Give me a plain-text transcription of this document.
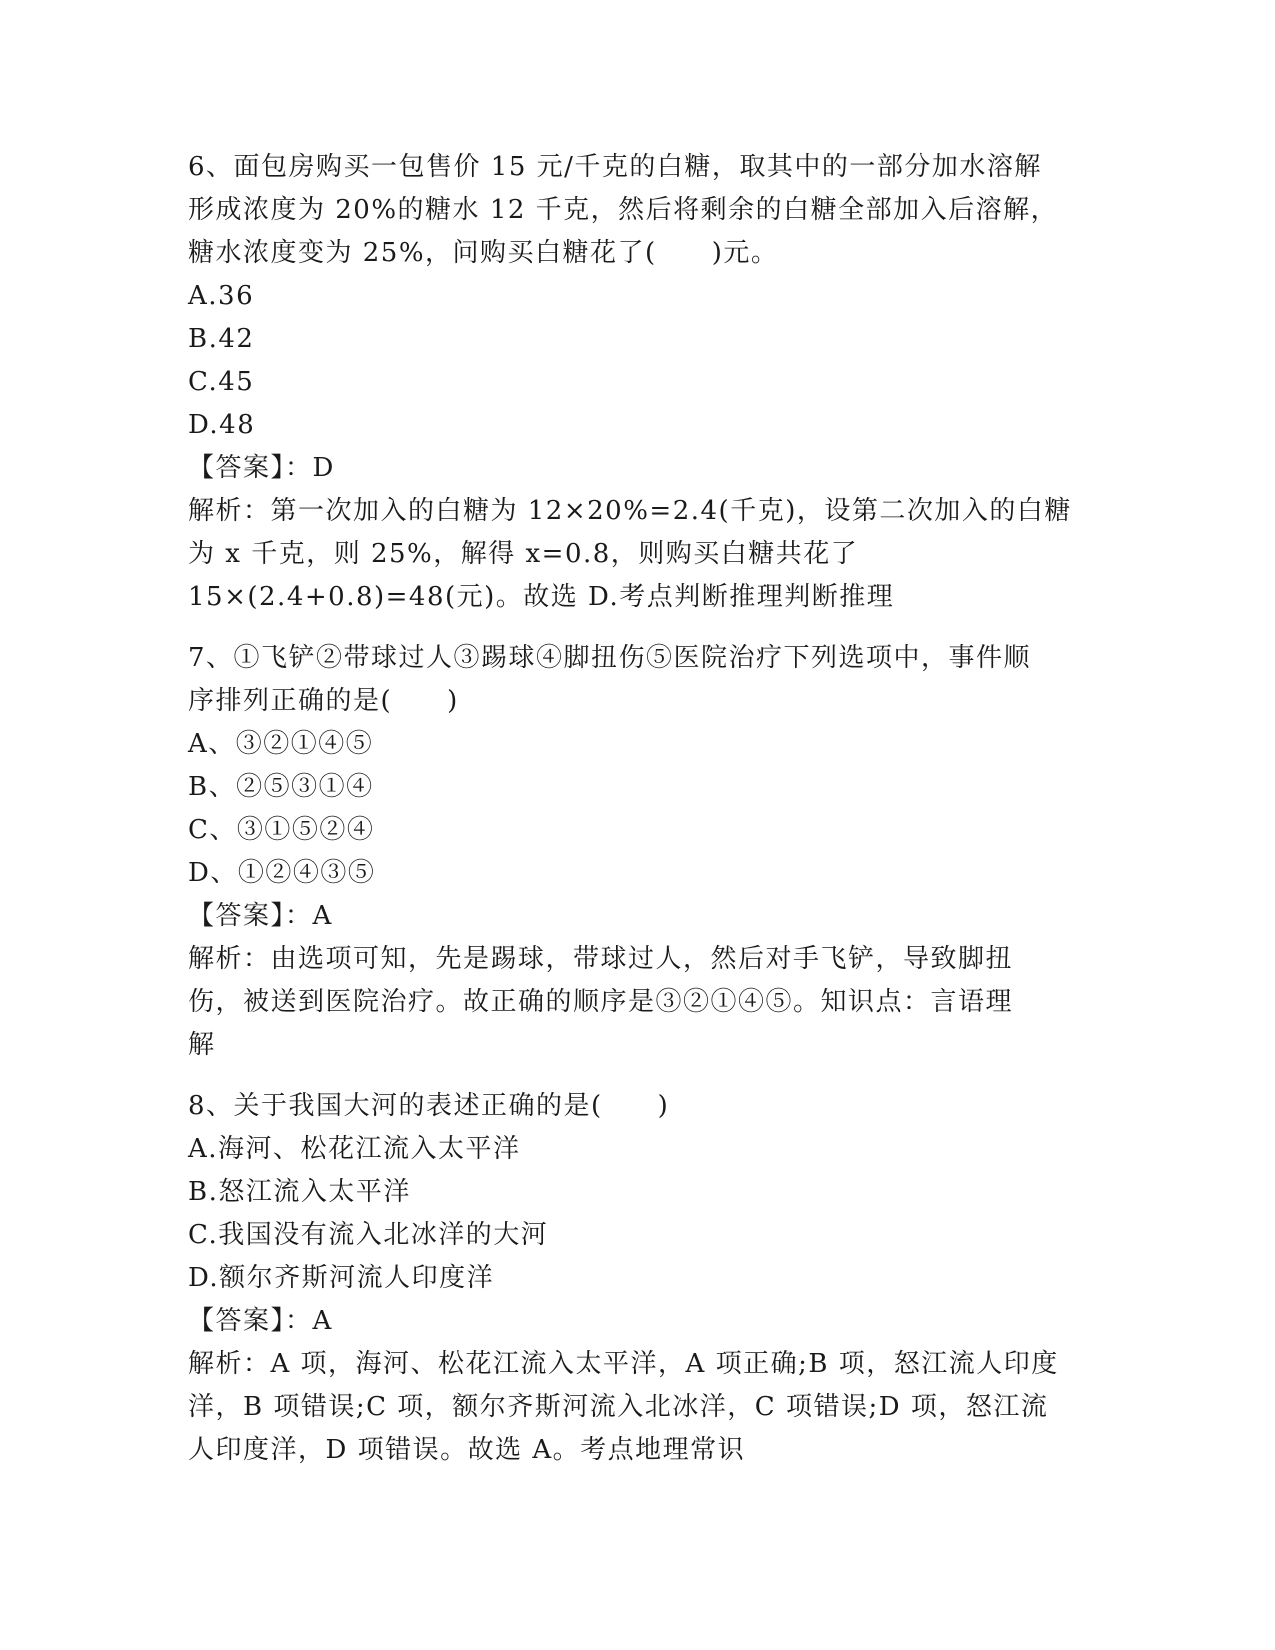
6、面包房购买一包售价 15 元/千克的白糖，取其中的一部分加水溶解
形成浓度为 20%的糖水 12 千克，然后将剩余的白糖全部加入后溶解，
糖水浓度变为 25%，问购买白糖花了(　　)元。
A.36
B.42
C.45
D.48
【答案】：D
解析：第一次加入的白糖为 12×20%=2.4(千克)，设第二次加入的白糖
为 x 千克，则 25%，解得 x=0.8，则购买白糖共花了
15×(2.4+0.8)=48(元)。故选 D.考点判断推理判断推理
7、①飞铲②带球过人③踢球④脚扭伤⑤医院治疗下列选项中，事件顺
序排列正确的是(　　)
A、③②①④⑤
B、②⑤③①④
C、③①⑤②④
D、①②④③⑤
【答案】：A
解析：由选项可知，先是踢球，带球过人，然后对手飞铲，导致脚扭
伤，被送到医院治疗。故正确的顺序是③②①④⑤。知识点：言语理
解
8、关于我国大河的表述正确的是(　　)
A.海河、松花江流入太平洋
B.怒江流入太平洋
C.我国没有流入北冰洋的大河
D.额尔齐斯河流人印度洋
【答案】：A
解析：A 项，海河、松花江流入太平洋，A 项正确;B 项，怒江流人印度
洋，B 项错误;C 项，额尔齐斯河流入北冰洋，C 项错误;D 项，怒江流
人印度洋，D 项错误。故选 A。考点地理常识
